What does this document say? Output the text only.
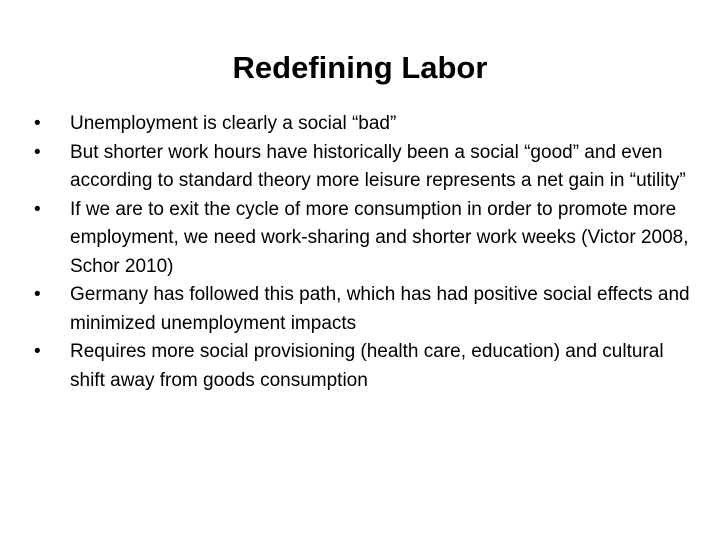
Redefining Labor
•	Unemployment is clearly a social “bad”
•	But shorter work hours have historically been a social “good” and even according to standard theory more leisure represents a net gain in “utility”
•	If we are to exit the cycle of more consumption in order to promote more employment, we need work-sharing and shorter work weeks (Victor 2008, Schor 2010)
•	Germany has followed this path, which has had positive social effects and minimized unemployment impacts
•	Requires more social provisioning (health care, education) and cultural shift away from goods consumption
